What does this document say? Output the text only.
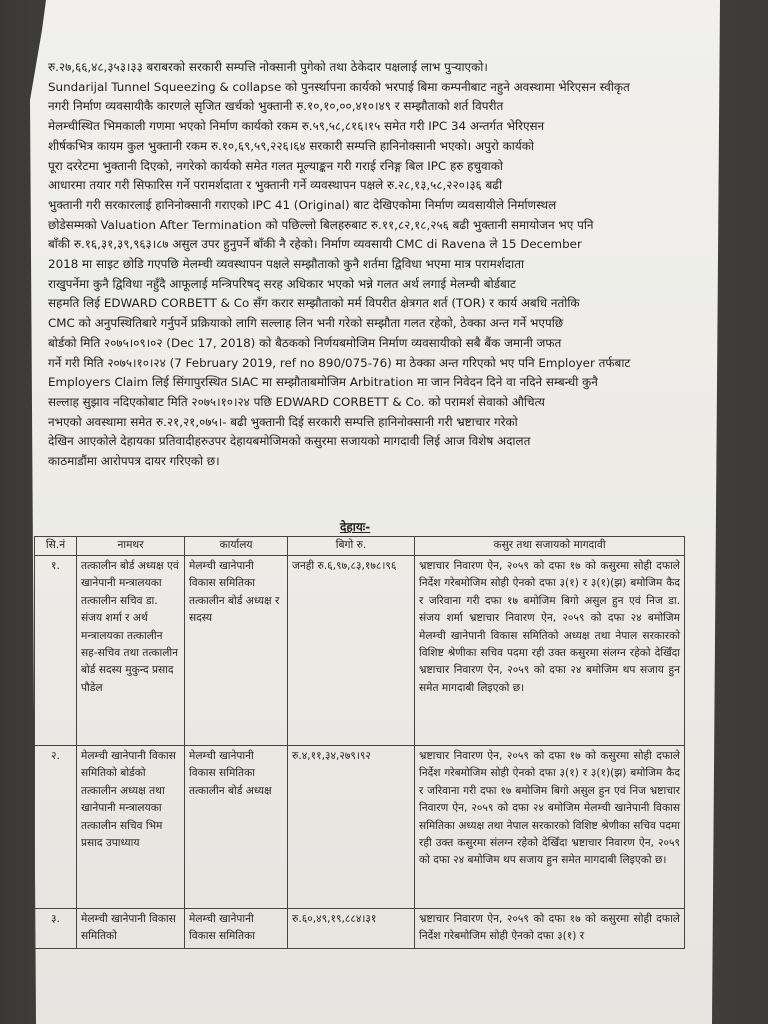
रु.२७,६६,४८,३५३।३३ बराबरको सरकारी सम्पत्ति नोक्सानी पुगेको तथा ठेकेदार पक्षलाई लाभ पुऱ्याएको।
Sundarijal Tunnel Squeezing & collapse को पुनर्स्थापना कार्यको भरपाई बिमा कम्पनीबाट नहुने अवस्थामा भेरिएसन स्वीकृत
नगरी निर्माण व्यवसायीकै कारणले सृजित खर्चको भुक्तानी रु.१०,१०,००,४१०।४९ र सम्झौताको शर्त विपरीत
मेलम्चीस्थित भिमकाली गणमा भएको निर्माण कार्यको रकम रु.५९,५८,८१६।१५ समेत गरी IPC 34 अन्तर्गत भेरिएसन
शीर्षकभित्र कायम कुल भुक्तानी रकम रु.१०,६९,५९,२२६।६४ सरकारी सम्पत्ति हानिनोक्सानी भएको। अपुरो कार्यको
पूरा दररेटमा भुक्तानी दिएको, नगरेको कार्यको समेत गलत मूल्याङ्कन गरी गराई रनिङ्ग बिल IPC हरु हचुवाको
आधारमा तयार गरी सिफारिस गर्ने परामर्शदाता र भुक्तानी गर्ने व्यवस्थापन पक्षले रु.२८,१३,५८,२२०।३६ बढी
भुक्तानी गरी सरकारलाई हानिनोक्सानी गराएको IPC 41 (Original) बाट देखिएकोमा निर्माण व्यवसायीले निर्माणस्थल
छोडेसम्मको Valuation After Termination को पछिल्लो बिलहरुबाट रु.११,८२,१८,२५६ बढी भुक्तानी समायोजन भए पनि
बाँकी रु.१६,३१,३९,९६३।८७ असुल उपर हुनुपर्ने बाँकी नै रहेको। निर्माण व्यवसायी CMC di Ravena ले 15 December
2018 मा साइट छोडि गएपछि मेलम्ची व्यवस्थापन पक्षले सम्झौताको कुनै शर्तमा द्विविधा भएमा मात्र परामर्शदाता
राखुपर्नेमा कुनै द्विविधा नहुँदै आफूलाई मन्त्रिपरिषद् सरह अधिकार भएको भन्ने गलत अर्थ लगाई मेलम्ची बोर्डबाट
सहमति लिई EDWARD CORBETT & Co सँग करार सम्झौताको मर्म विपरीत क्षेत्रगत शर्त (TOR) र कार्य अबधि नतोकि
CMC को अनुपस्थितिबारे गर्नुपर्ने प्रक्रियाको लागि सल्लाह लिन भनी गरेको सम्झौता गलत रहेको, ठेक्का अन्त गर्ने भएपछि
बोर्डको मिति २०७५।०९।०२ (Dec 17, 2018) को बैठकको निर्णयबमोजिम निर्माण व्यवसायीको सबै बैंक जमानी जफत
गर्ने गरी मिति २०७५।१०।२४ (7 February 2019, ref no 890/075-76) मा ठेक्का अन्त गरिएको भए पनि Employer तर्फबाट
Employers Claim लिई सिंगापुरस्थित SIAC मा सम्झौताबमोजिम Arbitration मा जान निवेदन दिने वा नदिने सम्बन्धी कुनै
सल्लाह सुझाव नदिएकोबाट मिति २०७५।१०।२४ पछि EDWARD CORBETT & Co. को परामर्श सेवाको औचित्य
नभएको अवस्थामा समेत रु.२१,२१,०७५।- बढी भुक्तानी दिई सरकारी सम्पत्ति हानिनोक्सानी गरी भ्रष्टाचार गरेको
देखिन आएकोले देहायका प्रतिवादीहरुउपर देहायबमोजिमको कसुरमा सजायको मागदावी लिई आज विशेष अदालत
काठमाडौंमा आरोपपत्र दायर गरिएको छ।
देहायः-
सि.नं	नामथर	कार्यालय	बिगो रु.	कसुर तथा सजायको मागदावी
१.	तत्कालीन बोर्ड अध्यक्ष एवं खानेपानी मन्त्रालयका तत्कालीन सचिव डा. संजय शर्मा र अर्थ मन्त्रालयका तत्कालीन सह-सचिव तथा तत्कालीन बोर्ड सदस्य मुकुन्द प्रसाद पौडेल	मेलम्ची खानेपानी विकास समितिका तत्कालीन बोर्ड अध्यक्ष र सदस्य	जनही रु.६,९७,८३,१७८।९६	भ्रष्टाचार निवारण ऐन, २०५९ को दफा १७ को कसुरमा सोही दफाले निर्देश गरेबमोजिम सोही ऐनको दफा ३(१) र ३(१)(झ) बमोजिम कैद र जरिवाना गरी दफा १७ बमोजिम बिगो असुल हुन एवं निज डा. संजय शर्मा भ्रष्टाचार निवारण ऐन, २०५९ को दफा २४ बमोजिम मेलम्ची खानेपानी विकास समितिको अध्यक्ष तथा नेपाल सरकारको विशिष्ट श्रेणीका सचिव पदमा रही उक्त कसुरमा संलग्न रहेको देखिँदा भ्रष्टाचार निवारण ऐन, २०५९ को दफा २४ बमोजिम थप सजाय हुन समेत मागदाबी लिइएको छ।
२.	मेलम्ची खानेपानी विकास समितिको बोर्डको तत्कालीन अध्यक्ष तथा खानेपानी मन्त्रालयका तत्कालीन सचिव भिम प्रसाद उपाध्याय	मेलम्ची खानेपानी विकास समितिका तत्कालीन बोर्ड अध्यक्ष	रु.४,११,३४,२७९।९२	भ्रष्टाचार निवारण ऐन, २०५९ को दफा १७ को कसुरमा सोही दफाले निर्देश गरेबमोजिम सोही ऐनको दफा ३(१) र ३(१)(झ) बमोजिम कैद र जरिवाना गरी दफा १७ बमोजिम बिगो असुल हुन एवं निज भ्रष्टाचार निवारण ऐन, २०५९ को दफा २४ बमोजिम मेलम्ची खानेपानी विकास समितिका अध्यक्ष तथा नेपाल सरकारको विशिष्ट श्रेणीका सचिव पदमा रही उक्त कसुरमा संलग्न रहेको देखिँदा भ्रष्टाचार निवारण ऐन, २०५९ को दफा २४ बमोजिम थप सजाय हुन समेत मागदाबी लिइएको छ।
३.	मेलम्ची खानेपानी विकास समितिको	मेलम्ची खानेपानी विकास समितिका	रु.६०,४९,१९,८८४।३१	भ्रष्टाचार निवारण ऐन, २०५९ को दफा १७ को कसुरमा सोही दफाले निर्देश गरेबमोजिम सोही ऐनको दफा ३(१) र
